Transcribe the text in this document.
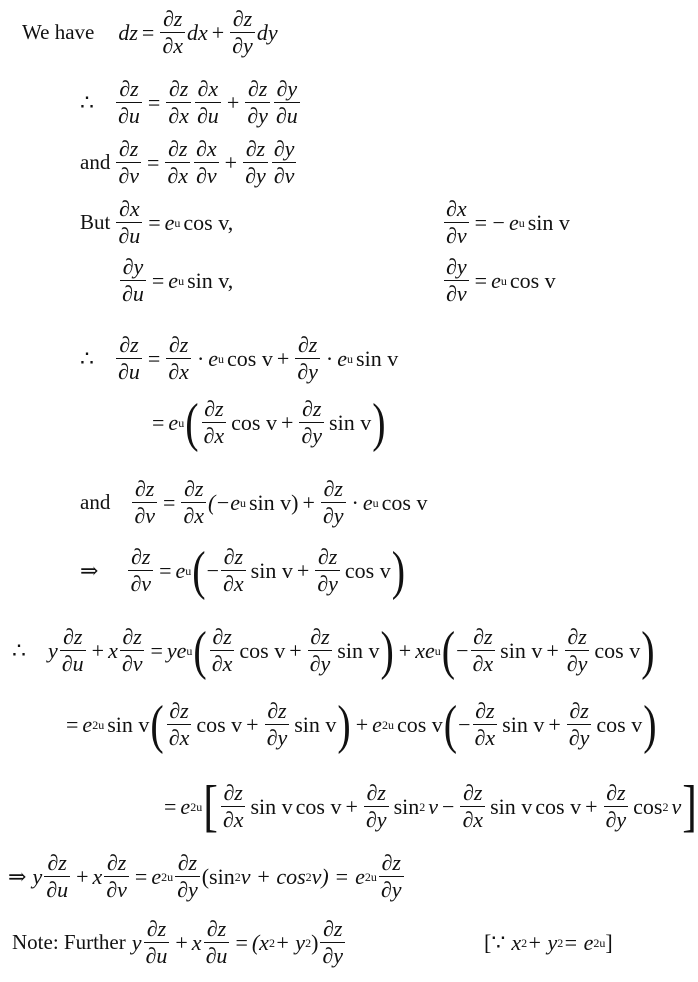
We have dz = $\frac{\partial z}{\partial x}$ dx + $\frac{\partial z}{\partial y}$ dy
∴ $\frac{\partial z}{\partial u} = \frac{\partial z}{\partial x} \frac{\partial x}{\partial u} + \frac{\partial z}{\partial y} \frac{\partial y}{\partial u}$
and $\frac{\partial z}{\partial v} = \frac{\partial z}{\partial x} \frac{\partial x}{\partial v} + \frac{\partial z}{\partial y} \frac{\partial y}{\partial v}$
But $\frac{\partial x}{\partial u} = e$ u cos v,	$\frac{\partial x}{\partial v}$ = − e u sin v
$\frac{\partial y}{\partial u} = e$ u sin v,	$\frac{\partial y}{\partial v} = e$ u cos v
∴ $\frac{\partial z}{\partial u} = \frac{\partial z}{\partial x} \cdot e$ u $\cos v + \frac{\partial z}{\partial y} \cdot e$ u sin v
= e u ( $\frac{\partial z}{\partial x}$ $\cos v + \frac{\partial z}{\partial y}$ sin v )
and $\frac{\partial z}{\partial v} = \frac{\partial z}{\partial x} (-e$ u sin v ) + $\frac{\partial z}{\partial y} \cdot e$ u cos v
⇒ $\frac{\partial z}{\partial v} = e$ u ( − $\frac{\partial z}{\partial x}$ $\sin v + \frac{\partial z}{\partial y}$ cos v )
∴ y $\frac{\partial z}{\partial u} + x \frac{\partial z}{\partial v} = y$ e u ( $\frac{\partial z}{\partial x}$ $\cos v + \frac{\partial z}{\partial y}$ sin v ) + x e u ( − $\frac{\partial z}{\partial x}$ $\sin v + \frac{\partial z}{\partial y}$ cos v )
= e 2u sin v ( $\frac{\partial z}{\partial x}$ $\cos v + \frac{\partial z}{\partial y}$ sin v ) + e 2u cos v ( − $\frac{\partial z}{\partial x}$ $\sin v + \frac{\partial z}{\partial y}$ cos v )
= e 2u [ $\frac{\partial z}{\partial x}$ sin v $\cos v + \frac{\partial z}{\partial y}$ sin 2 $v - \frac{\partial z}{\partial x}$ sin v $\cos v + \frac{\partial z}{\partial y}$ cos 2 v ]
⇒ y $\frac{\partial z}{\partial u} + x \frac{\partial z}{\partial v} = e$ $2u \frac{\partial z}{\partial y} (\sin$ 2 v + cos 2 v) = e $2u \frac{\partial z}{\partial y}$
Note: Further y $\frac{\partial z}{\partial u} + x \frac{\partial z}{\partial u} = (x$ 2 + y 2 ) $\frac{\partial z}{\partial y}$	[ ∵ x 2 + y 2 = e 2u ]
